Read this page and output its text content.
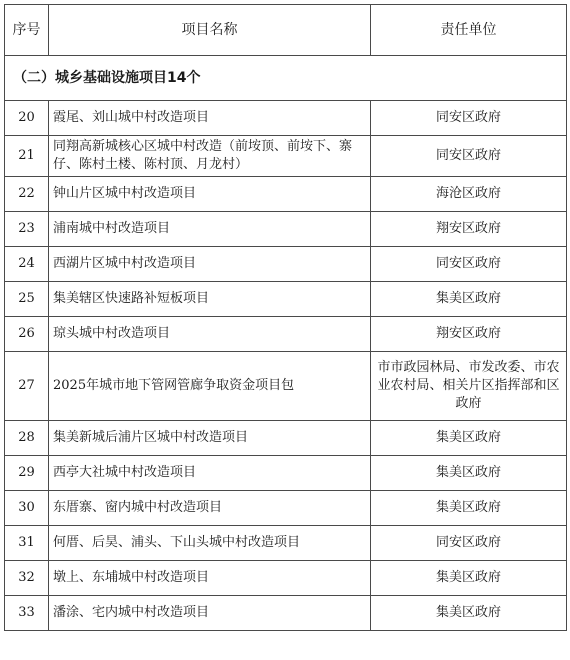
序号	项目名称	责任单位
（二）城乡基础设施项目14个		
20	霞尾、刘山城中村改造项目	同安区政府
21	同翔高新城核心区城中村改造（前垵顶、前垵下、寨仔、陈村土楼、陈村顶、月龙村）	同安区政府
22	钟山片区城中村改造项目	海沧区政府
23	浦南城中村改造项目	翔安区政府
24	西湖片区城中村改造项目	同安区政府
25	集美辖区快速路补短板项目	集美区政府
26	琼头城中村改造项目	翔安区政府
27	2025年城市地下管网管廊争取资金项目包	市市政园林局、市发改委、市农业农村局、相关片区指挥部和区政府
28	集美新城后浦片区城中村改造项目	集美区政府
29	西亭大社城中村改造项目	集美区政府
30	东厝寨、窗内城中村改造项目	集美区政府
31	何厝、后昊、浦头、下山头城中村改造项目	同安区政府
32	墩上、东埔城中村改造项目	集美区政府
33	潘涂、宅内城中村改造项目	集美区政府
